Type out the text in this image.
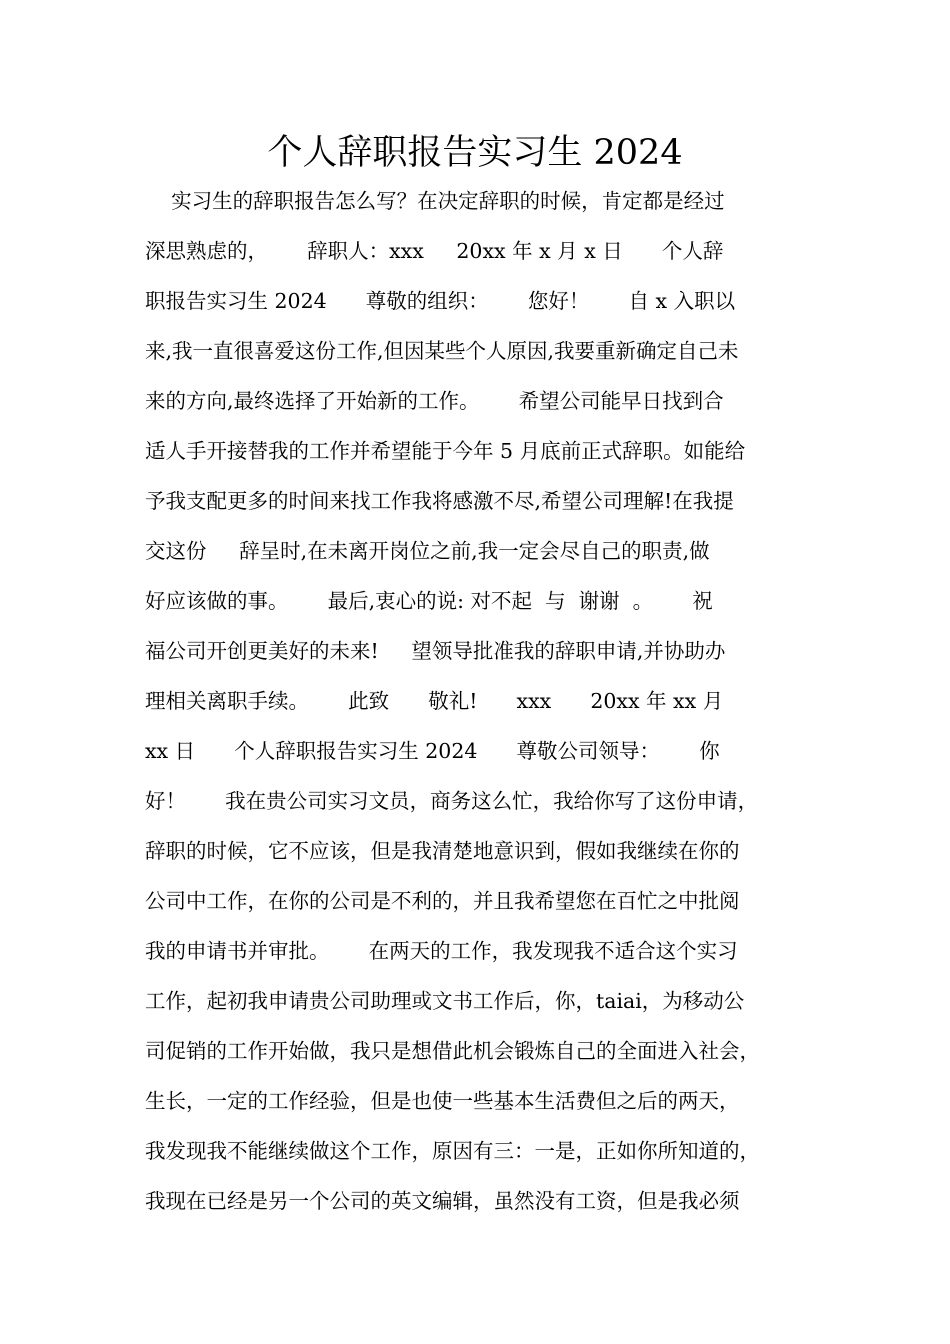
个人辞职报告实习生 2024
实习生的辞职报告怎么写？在决定辞职的时候，肯定都是经过
深思熟虑的，      辞职人：xxx     20xx 年 x 月 x 日      个人辞
职报告实习生 2024      尊敬的组织：      您好！      自 x 入职以
来,我一直很喜爱这份工作,但因某些个人原因,我要重新确定自己未
来的方向,最终选择了开始新的工作。      希望公司能早日找到合
适人手开接替我的工作并希望能于今年 5 月底前正式辞职。如能给
予我支配更多的时间来找工作我将感激不尽,希望公司理解!在我提
交这份     辞呈时,在未离开岗位之前,我一定会尽自己的职责,做
好应该做的事。      最后,衷心的说: 对不起  与  谢谢  。      祝
福公司开创更美好的未来!     望领导批准我的辞职申请,并协助办
理相关离职手续。      此致      敬礼!      xxx      20xx 年 xx 月
xx 日      个人辞职报告实习生 2024      尊敬公司领导：      你
好！      我在贵公司实习文员，商务这么忙，我给你写了这份申请，
辞职的时候，它不应该，但是我清楚地意识到，假如我继续在你的
公司中工作，在你的公司是不利的，并且我希望您在百忙之中批阅
我的申请书并审批。      在两天的工作，我发现我不适合这个实习
工作，起初我申请贵公司助理或文书工作后，你，taiai，为移动公
司促销的工作开始做，我只是想借此机会锻炼自己的全面进入社会，
生长，一定的工作经验，但是也使一些基本生活费但之后的两天，
我发现我不能继续做这个工作，原因有三：一是，正如你所知道的，
我现在已经是另一个公司的英文编辑，虽然没有工资，但是我必须
